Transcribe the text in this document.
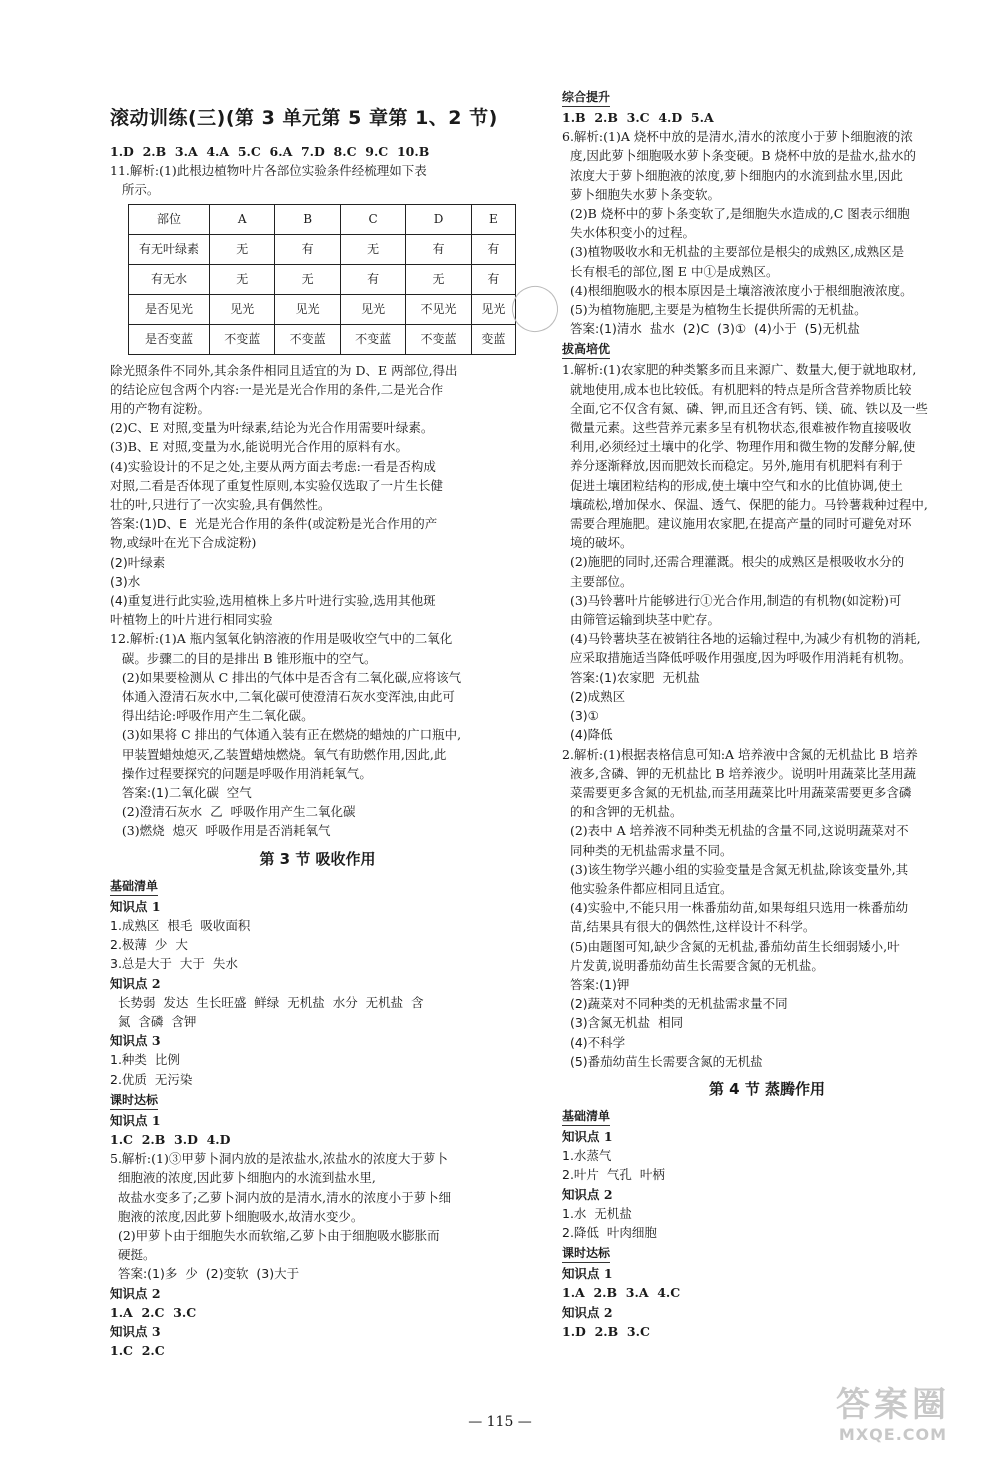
滚动训练(三)(第 3 单元第 5 章第 1、2 节)
1.D  2.B  3.A  4.A  5.C  6.A  7.D  8.C  9.C  10.B
11.解析:(1)此根边植物叶片各部位实验条件经梳理如下表
所示。
部位	A	B	C	D	E
有无叶绿素	无	有	无	有	有
有无水	无	无	有	无	有
是否见光	见光	见光	见光	不见光	见光
是否变蓝	不变蓝	不变蓝	不变蓝	不变蓝	变蓝
除光照条件不同外,其余条件相同且适宜的为 D、E 两部位,得出
的结论应包含两个内容:一是光是光合作用的条件,二是光合作
用的产物有淀粉。
(2)C、E 对照,变量为叶绿素,结论为光合作用需要叶绿素。
(3)B、E 对照,变量为水,能说明光合作用的原料有水。
(4)实验设计的不足之处,主要从两方面去考虑:一看是否构成
对照,二看是否体现了重复性原则,本实验仅选取了一片生长健
壮的叶,只进行了一次实验,具有偶然性。
答案:(1)D、E  光是光合作用的条件(或淀粉是光合作用的产
物,或绿叶在光下合成淀粉)
(2)叶绿素
(3)水
(4)重复进行此实验,选用植株上多片叶进行实验,选用其他斑
叶植物上的叶片进行相同实验
12.解析:(1)A 瓶内氢氧化钠溶液的作用是吸收空气中的二氧化
碳。步骤二的目的是排出 B 锥形瓶中的空气。
(2)如果要检测从 C 排出的气体中是否含有二氧化碳,应将该气
体通入澄清石灰水中,二氧化碳可使澄清石灰水变浑浊,由此可
得出结论:呼吸作用产生二氧化碳。
(3)如果将 C 排出的气体通入装有正在燃烧的蜡烛的广口瓶中,
甲装置蜡烛熄灭,乙装置蜡烛燃烧。氧气有助燃作用,因此,此
操作过程要探究的问题是呼吸作用消耗氧气。
答案:(1)二氧化碳  空气
(2)澄清石灰水  乙  呼吸作用产生二氧化碳
(3)燃烧  熄灭  呼吸作用是否消耗氧气
第 3 节 吸收作用
基础清单
知识点 1
1.成熟区  根毛  吸收面积
2.极薄  少  大
3.总是大于  大于  失水
知识点 2
长势弱  发达  生长旺盛  鲜绿  无机盐  水分  无机盐  含
氮  含磷  含钾
知识点 3
1.种类  比例
2.优质  无污染
课时达标
知识点 1
1.C  2.B  3.D  4.D
5.解析:(1)③甲萝卜洞内放的是浓盐水,浓盐水的浓度大于萝卜
细胞液的浓度,因此萝卜细胞内的水流到盐水里,
故盐水变多了;乙萝卜洞内放的是清水,清水的浓度小于萝卜细
胞液的浓度,因此萝卜细胞吸水,故清水变少。
(2)甲萝卜由于细胞失水而软缩,乙萝卜由于细胞吸水膨胀而
硬挺。
答案:(1)多  少  (2)变软  (3)大于
知识点 2
1.A  2.C  3.C
知识点 3
1.C  2.C
综合提升
1.B  2.B  3.C  4.D  5.A
6.解析:(1)A 烧杯中放的是清水,清水的浓度小于萝卜细胞液的浓
度,因此萝卜细胞吸水萝卜条变硬。B 烧杯中放的是盐水,盐水的
浓度大于萝卜细胞液的浓度,萝卜细胞内的水流到盐水里,因此
萝卜细胞失水萝卜条变软。
(2)B 烧杯中的萝卜条变软了,是细胞失水造成的,C 图表示细胞
失水体积变小的过程。
(3)植物吸收水和无机盐的主要部位是根尖的成熟区,成熟区是
长有根毛的部位,图 E 中①是成熟区。
(4)根细胞吸水的根本原因是土壤溶液浓度小于根细胞液浓度。
(5)为植物施肥,主要是为植物生长提供所需的无机盐。
答案:(1)清水  盐水  (2)C  (3)①  (4)小于  (5)无机盐
拔高培优
1.解析:(1)农家肥的种类繁多而且来源广、数量大,便于就地取材,
就地使用,成本也比较低。有机肥料的特点是所含营养物质比较
全面,它不仅含有氮、磷、钾,而且还含有钙、镁、硫、铁以及一些
微量元素。这些营养元素多呈有机物状态,很难被作物直接吸收
利用,必须经过土壤中的化学、物理作用和微生物的发酵分解,使
养分逐渐释放,因而肥效长而稳定。另外,施用有机肥料有利于
促进土壤团粒结构的形成,使土壤中空气和水的比值协调,使土
壤疏松,增加保水、保温、透气、保肥的能力。马铃薯栽种过程中,
需要合理施肥。建议施用农家肥,在提高产量的同时可避免对环
境的破坏。
(2)施肥的同时,还需合理灌溉。根尖的成熟区是根吸收水分的
主要部位。
(3)马铃薯叶片能够进行①光合作用,制造的有机物(如淀粉)可
由筛管运输到块茎中贮存。
(4)马铃薯块茎在被销往各地的运输过程中,为减少有机物的消耗,
应采取措施适当降低呼吸作用强度,因为呼吸作用消耗有机物。
答案:(1)农家肥  无机盐
(2)成熟区
(3)①
(4)降低
2.解析:(1)根据表格信息可知:A 培养液中含氮的无机盐比 B 培养
液多,含磷、钾的无机盐比 B 培养液少。说明叶用蔬菜比茎用蔬
菜需要更多含氮的无机盐,而茎用蔬菜比叶用蔬菜需要更多含磷
的和含钾的无机盐。
(2)表中 A 培养液不同种类无机盐的含量不同,这说明蔬菜对不
同种类的无机盐需求量不同。
(3)该生物学兴趣小组的实验变量是含氮无机盐,除该变量外,其
他实验条件都应相同且适宜。
(4)实验中,不能只用一株番茄幼苗,如果每组只选用一株番茄幼
苗,结果具有很大的偶然性,这样设计不科学。
(5)由题图可知,缺少含氮的无机盐,番茄幼苗生长细弱矮小,叶
片发黄,说明番茄幼苗生长需要含氮的无机盐。
答案:(1)钾
(2)蔬菜对不同种类的无机盐需求量不同
(3)含氮无机盐  相同
(4)不科学
(5)番茄幼苗生长需要含氮的无机盐
第 4 节 蒸腾作用
基础清单
知识点 1
1.水蒸气
2.叶片  气孔  叶柄
知识点 2
1.水  无机盐
2.降低  叶肉细胞
课时达标
知识点 1
1.A  2.B  3.A  4.C
知识点 2
1.D  2.B  3.C
— 115 —	答案圈
MXQE.COM
